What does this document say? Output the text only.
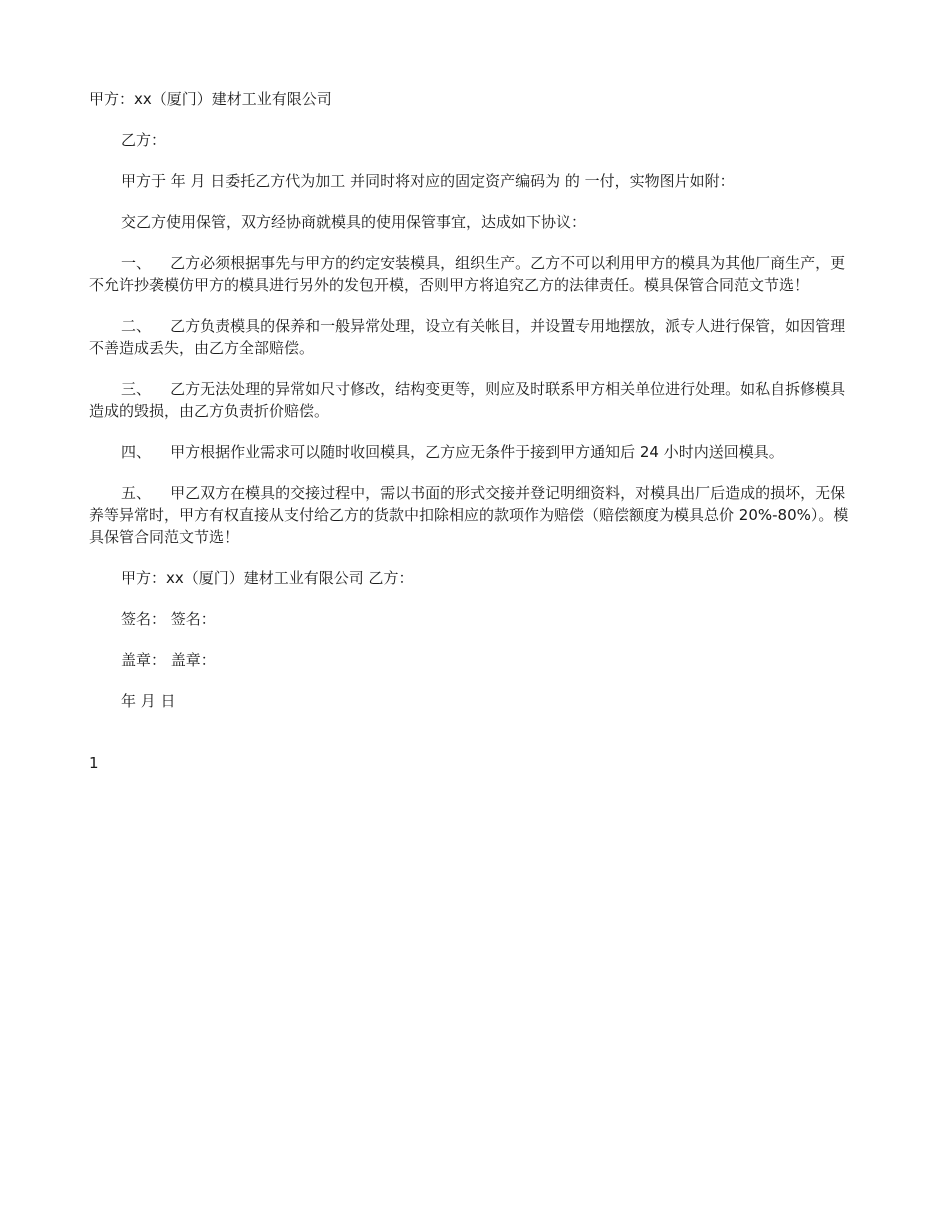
甲方：xx（厦门）建材工业有限公司

乙方：

甲方于 年 月 日委托乙方代为加工 并同时将对应的固定资产编码为 的 一付，实物图片如附：

交乙方使用保管，双方经协商就模具的使用保管事宜，达成如下协议：

一、 乙方必须根据事先与甲方的约定安装模具，组织生产。乙方不可以利用甲方的模具为其他厂商生产，更不允许抄袭模仿甲方的模具进行另外的发包开模，否则甲方将追究乙方的法律责任。模具保管合同范文节选！

二、 乙方负责模具的保养和一般异常处理，设立有关帐目，并设置专用地摆放，派专人进行保管，如因管理不善造成丢失，由乙方全部赔偿。

三、 乙方无法处理的异常如尺寸修改，结构变更等，则应及时联系甲方相关单位进行处理。如私自拆修模具造成的毁损，由乙方负责折价赔偿。

四、 甲方根据作业需求可以随时收回模具，乙方应无条件于接到甲方通知后 24 小时内送回模具。

五、 甲乙双方在模具的交接过程中，需以书面的形式交接并登记明细资料，对模具出厂后造成的损坏，无保养等异常时，甲方有权直接从支付给乙方的货款中扣除相应的款项作为赔偿（赔偿额度为模具总价 20%-80%）。模具保管合同范文节选！

甲方：xx（厦门）建材工业有限公司 乙方：

签名： 签名：

盖章： 盖章：

年 月 日

1
